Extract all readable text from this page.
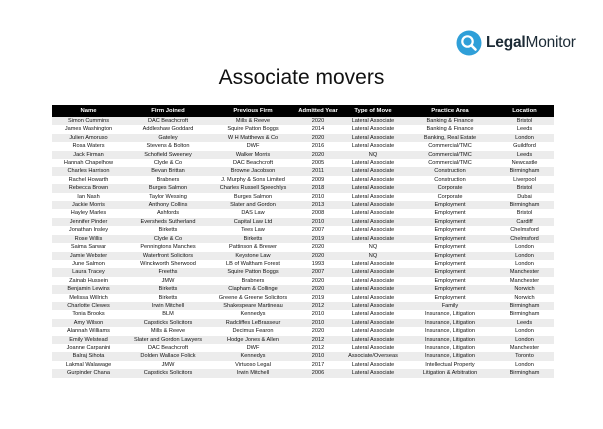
LegalMonitor
Associate movers
Name	Firm Joined	Previous Firm	Admitted Year	Type of Move	Practice Area	Location
Simon Cummins	DAC Beachcroft	Mills & Reeve	2020	Lateral Associate	Banking & Finance	Bristol
James Washington	Addleshaw Goddard	Squire Patton Boggs	2014	Lateral Associate	Banking & Finance	Leeds
Julien Amoruso	Gateley	W H Matthews & Co	2020	Lateral Associate	Banking, Real Estate	London
Rosa Waters	Stevens & Bolton	DWF	2016	Lateral Associate	Commercial/TMC	Guildford
Jack Firman	Schofield Sweeney	Walker Morris	2020	NQ	Commercial/TMC	Leeds
Hannah Chapelhow	Clyde & Co	DAC Beachcroft	2005	Lateral Associate	Commercial/TMC	Newcastle
Charles Harrison	Bevan Brittan	Browne Jacobson	2011	Lateral Associate	Construction	Birmingham
Rachel Howarth	Brabners	J. Murphy & Sons Limited	2009	Lateral Associate	Construction	Liverpool
Rebecca Brown	Burges Salmon	Charles Russell Speechlys	2018	Lateral Associate	Corporate	Bristol
Ian Nash	Taylor Wessing	Burges Salmon	2010	Lateral Associate	Corporate	Dubai
Jackie Morris	Anthony Collins	Slater and Gordon	2013	Lateral Associate	Employment	Birmingham
Hayley Marles	Ashfords	DAS Law	2008	Lateral Associate	Employment	Bristol
Jennifer Pinder	Eversheds Sutherland	Capital Law Ltd	2010	Lateral Associate	Employment	Cardiff
Jonathan Insley	Birketts	Tees Law	2007	Lateral Associate	Employment	Chelmsford
Rose Willis	Clyde & Co	Birketts	2019	Lateral Associate	Employment	Chelmsford
Saima Sarwar	Penningtons Manches	Pattinson & Brewer	2020	NQ	Employment	London
Jamie Webster	Waterfront Solicitors	Keystone Law	2020	NQ	Employment	London
June Salmon	Winckworth Sherwood	LB of Waltham Forest	1993	Lateral Associate	Employment	London
Laura Tracey	Freeths	Squire Patton Boggs	2007	Lateral Associate	Employment	Manchester
Zainab Hussein	JMW	Brabners	2020	Lateral Associate	Employment	Manchester
Benjamin Lewins	Birketts	Clapham & Collinge	2020	Lateral Associate	Employment	Norwich
Melissa Willrich	Birketts	Greene & Greene Solicitors	2019	Lateral Associate	Employment	Norwich
Charlotte Clewes	Irwin Mitchell	Shakespeare Martineau	2012	Lateral Associate	Family	Birmingham
Tonia Brooks	BLM	Kennedys	2010	Lateral Associate	Insurance, Litigation	Birmingham
Amy Wilson	Capsticks Solicitors	Radcliffes LeBrasseur	2010	Lateral Associate	Insurance, Litigation	Leeds
Alannah Williams	Mills & Reeve	Decimus Fearon	2020	Lateral Associate	Insurance, Litigation	London
Emily Welstead	Slater and Gordon Lawyers	Hodge Jones & Allen	2012	Lateral Associate	Insurance, Litigation	London
Joanne Carpanini	DAC Beachcroft	DWF	2012	Lateral Associate	Insurance, Litigation	Manchester
Balraj Sihota	Dolden Wallace Folick	Kennedys	2010	Associate/Overseas	Insurance, Litigation	Toronto
Lakmal Walawage	JMW	Virtuoso Legal	2017	Lateral Associate	Intellectual Property	London
Gurpinder Chana	Capsticks Solicitors	Irwin Mitchell	2006	Lateral Associate	Litigation & Arbitration	Birmingham
